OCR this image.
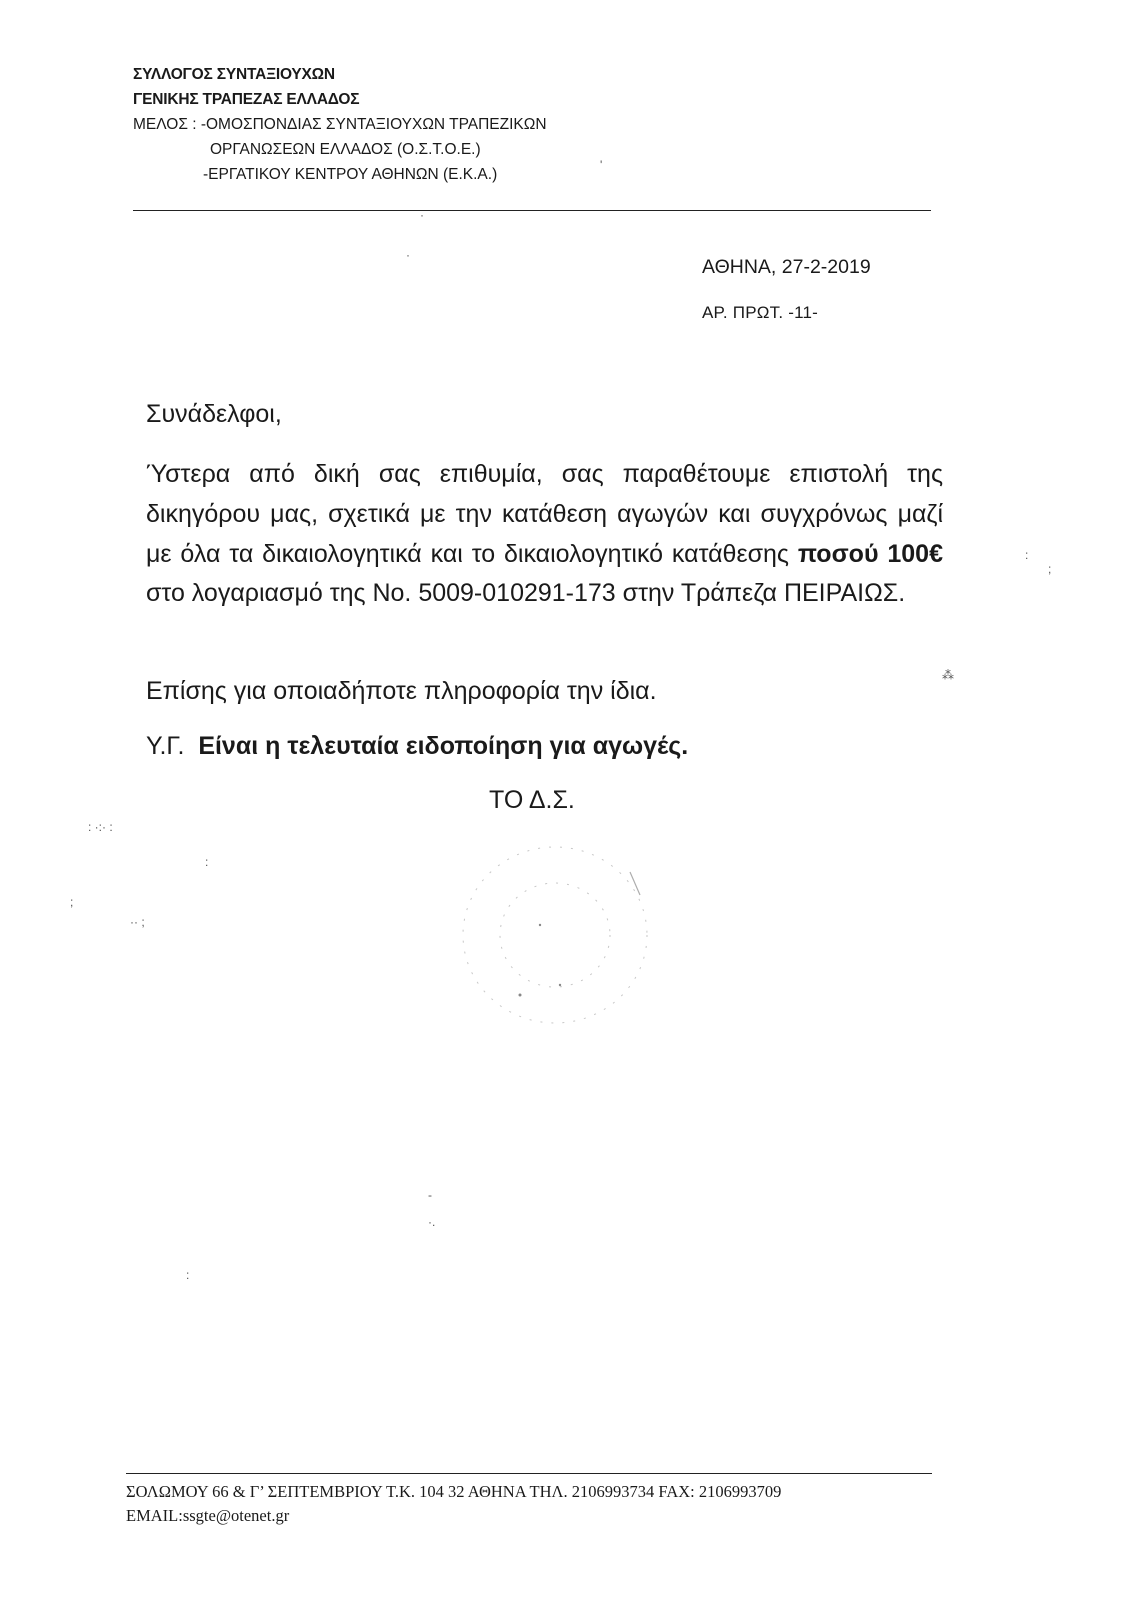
ΣΥΛΛΟΓΟΣ ΣΥΝΤΑΞΙΟΥΧΩΝ
ΓΕΝΙΚΗΣ ΤΡΑΠΕΖΑΣ ΕΛΛΑΔΟΣ
ΜΕΛΟΣ : -ΟΜΟΣΠΟΝΔΙΑΣ ΣΥΝΤΑΞΙΟΥΧΩΝ ΤΡΑΠΕΖΙΚΩΝ
ΟΡΓΑΝΩΣΕΩΝ ΕΛΛΑΔΟΣ (Ο.Σ.Τ.Ο.Ε.)
-ΕΡΓΑΤΙΚΟΥ ΚΕΝΤΡΟΥ ΑΘΗΝΩΝ (Ε.Κ.Α.)
ΑΘΗΝΑ, 27-2-2019
ΑΡ. ΠΡΩΤ. -11-
Συνάδελφοι,
Ύστερα από δική σας επιθυμία, σας παραθέτουμε επιστολή της δικηγόρου μας, σχετικά με την κατάθεση αγωγών και συγχρόνως μαζί με όλα τα δικαιολογητικά και το δικαιολογητικό κατάθεσης ποσού 100€ στο λογαριασμό της Νο. 5009-010291-173 στην Τράπεζα ΠΕΙΡΑΙΩΣ.
Επίσης για οποιαδήποτε πληροφορία την ίδια.
Υ.Γ. Είναι η τελευταία ειδοποίηση για αγωγές.
ΤΟ Δ.Σ.
'
·
·
:
;
⁂
: ·:· :
:
;
·· ;
-
·.
:
ΣΟΛΩΜΟΥ 66 & Γ’ ΣΕΠΤΕΜΒΡΙΟΥ Τ.Κ. 104 32 ΑΘΗΝΑ ΤΗΛ. 2106993734 FAX: 2106993709
EMAIL:ssgte@otenet.gr
